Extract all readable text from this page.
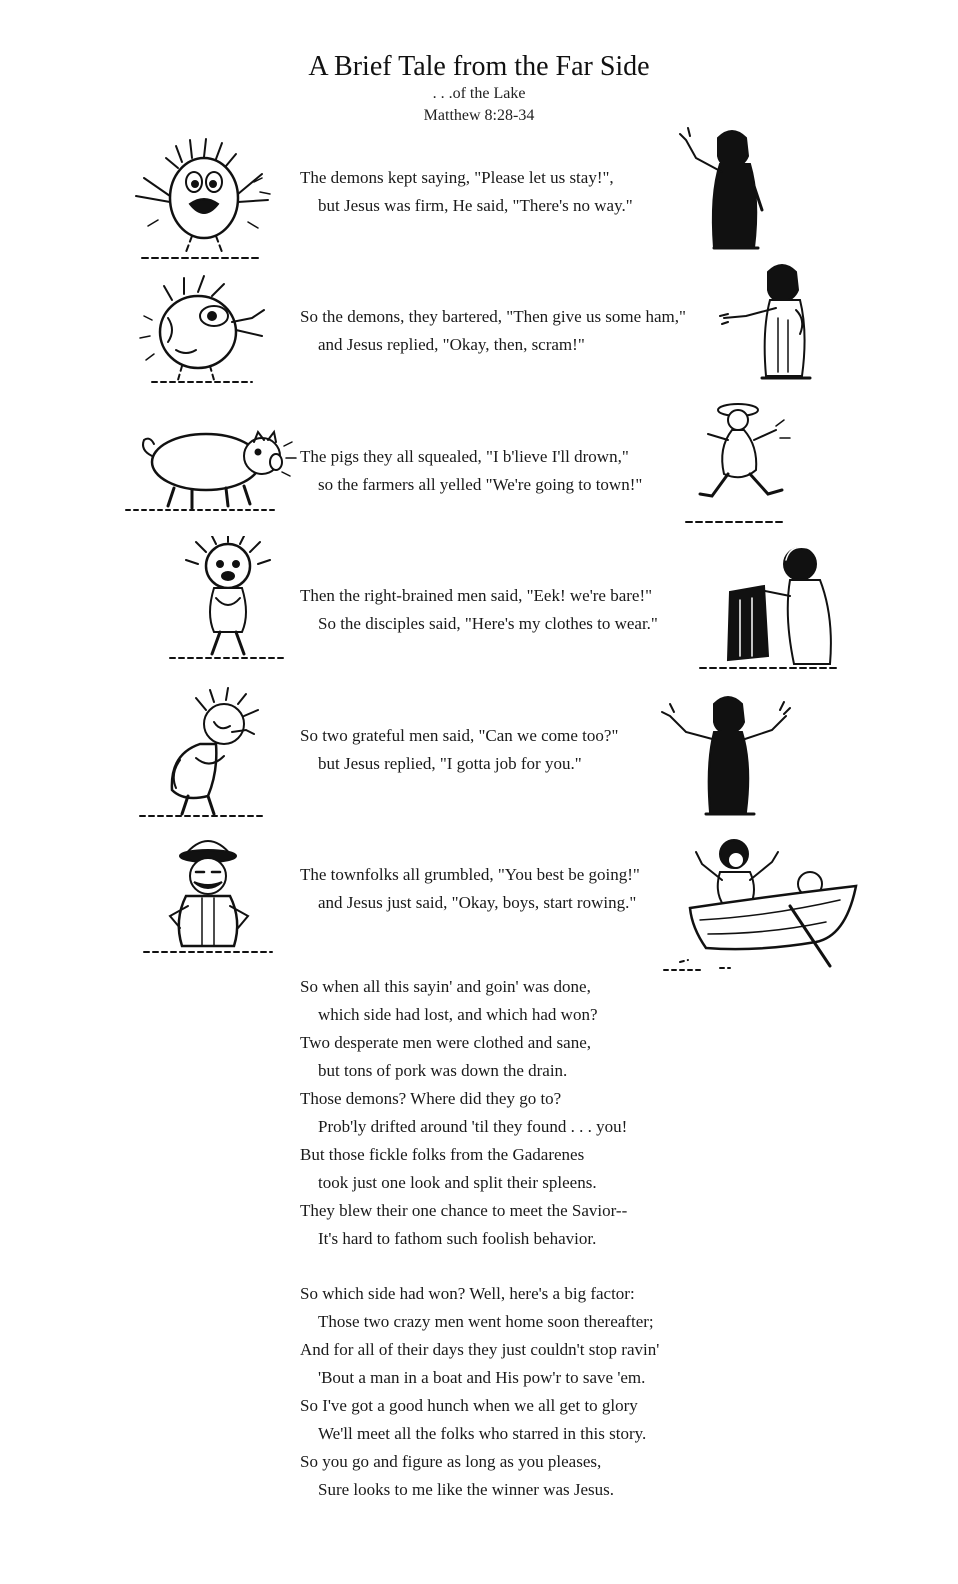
A Brief Tale from the Far Side
. . .of the Lake
Matthew 8:28-34
The demons kept saying, "Please let us stay!",
but Jesus was firm, He said, "There's no way."
So the demons, they bartered, "Then give us some ham,"
and Jesus replied, "Okay, then, scram!"
The pigs they all squealed, "I b'lieve I'll drown,"
so the farmers all yelled "We're going to town!"
Then the right-brained men said, "Eek! we're bare!"
So the disciples said, "Here's my clothes to wear."
So two grateful men said, "Can we come too?"
but Jesus replied, "I gotta job for you."
The townfolks all grumbled, "You best be going!"
and Jesus just said, "Okay, boys, start rowing."
So when all this sayin' and goin' was done,
which side had lost, and which had won?
Two desperate men were clothed and sane,
but tons of pork was down the drain.
Those demons? Where did they go to?
Prob'ly drifted around 'til they found . . . you!
But those fickle folks from the Gadarenes
took just one look and split their spleens.
They blew their one chance to meet the Savior--
It's hard to fathom such foolish behavior.
So which side had won? Well, here's a big factor:
Those two crazy men went home soon thereafter;
And for all of their days they just couldn't stop ravin'
'Bout a man in a boat and His pow'r to save 'em.
So I've got a good hunch when we all get to glory
We'll meet all the folks who starred in this story.
So you go and figure as long as you pleases,
Sure looks to me like the winner was Jesus.
